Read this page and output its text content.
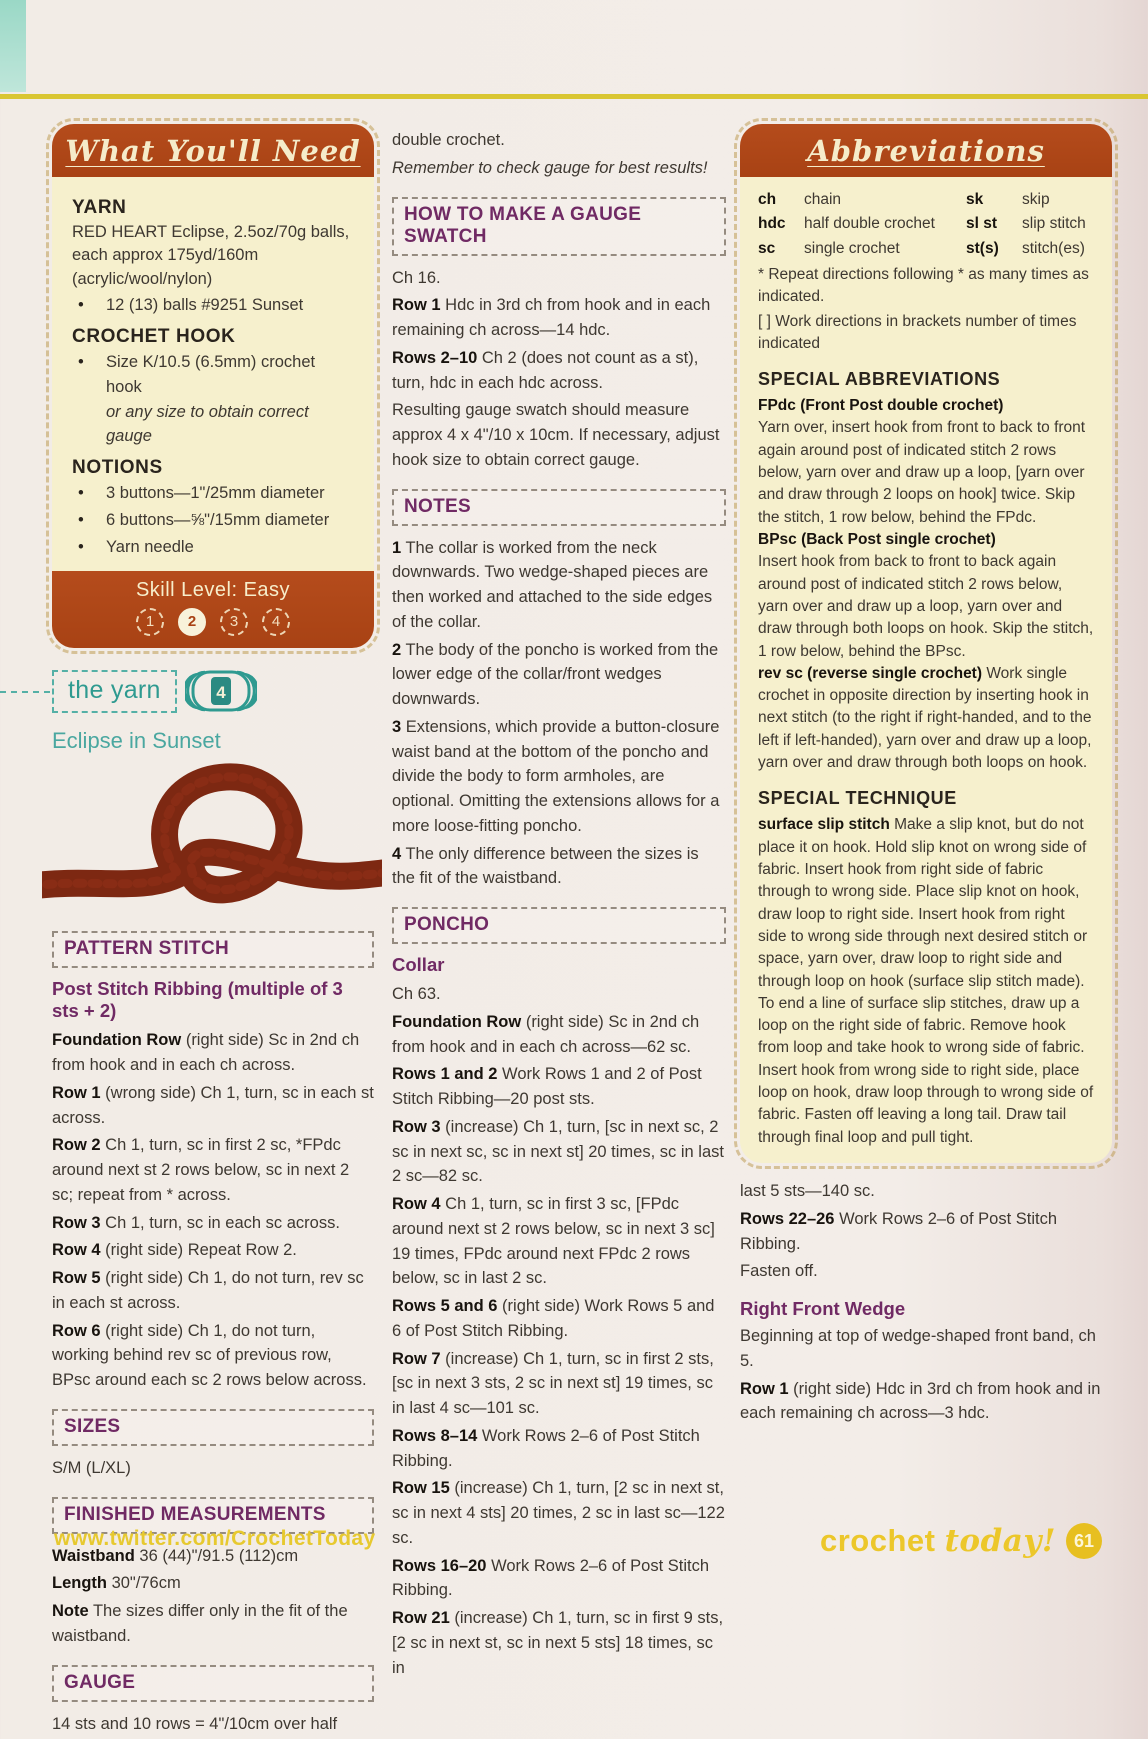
What You'll Need
YARN
RED HEART Eclipse, 2.5oz/70g balls, each approx 175yd/160m (acrylic/wool/nylon)
•	12 (13) balls #9251 Sunset
CROCHET HOOK
•	Size K/10.5 (6.5mm) crochet hook
or any size to obtain correct gauge
NOTIONS
•	3 buttons—1"/25mm diameter
•	6 buttons—⅝"/15mm diameter
•	Yarn needle
Skill Level: Easy
1	2	3	4
the yarn	4
Eclipse in Sunset
PATTERN STITCH
Post Stitch Ribbing (multiple of 3 sts + 2)

Foundation Row (right side) Sc in 2nd ch from hook and in each ch across.

Row 1 (wrong side) Ch 1, turn, sc in each st across.

Row 2 Ch 1, turn, sc in first 2 sc, *FPdc around next st 2 rows below, sc in next 2 sc; repeat from * across.

Row 3 Ch 1, turn, sc in each sc across.

Row 4 (right side) Repeat Row 2.

Row 5 (right side) Ch 1, do not turn, rev sc in each st across.

Row 6 (right side) Ch 1, do not turn, working behind rev sc of previous row, BPsc around each sc 2 rows below across.

SIZES

S/M (L/XL)

FINISHED MEASUREMENTS

Waistband 36 (44)"/91.5 (112)cm

Length 30"/76cm

Note The sizes differ only in the fit of the waistband.

GAUGE

14 sts and 10 rows = 4"/10cm over half

double crochet.

Remember to check gauge for best results!

HOW TO MAKE A GAUGE SWATCH

Ch 16.

Row 1 Hdc in 3rd ch from hook and in each remaining ch across—14 hdc.

Rows 2–10 Ch 2 (does not count as a st), turn, hdc in each hdc across.

Resulting gauge swatch should measure approx 4 x 4"/10 x 10cm. If necessary, adjust hook size to obtain correct gauge.

NOTES

1 The collar is worked from the neck downwards. Two wedge-shaped pieces are then worked and attached to the side edges of the collar.

2 The body of the poncho is worked from the lower edge of the collar/front wedges downwards.

3 Extensions, which provide a button-closure waist band at the bottom of the poncho and divide the body to form armholes, are optional. Omitting the extensions allows for a more loose-fitting poncho.

4 The only difference between the sizes is the fit of the waistband.

PONCHO
Collar

Ch 63.

Foundation Row (right side) Sc in 2nd ch from hook and in each ch across—62 sc.

Rows 1 and 2 Work Rows 1 and 2 of Post Stitch Ribbing—20 post sts.

Row 3 (increase) Ch 1, turn, [sc in next sc, 2 sc in next sc, sc in next st] 20 times, sc in last 2 sc—82 sc.

Row 4 Ch 1, turn, sc in first 3 sc, [FPdc around next st 2 rows below, sc in next 3 sc] 19 times, FPdc around next FPdc 2 rows below, sc in last 2 sc.

Rows 5 and 6 (right side) Work Rows 5 and 6 of Post Stitch Ribbing.

Row 7 (increase) Ch 1, turn, sc in first 2 sts, [sc in next 3 sts, 2 sc in next st] 19 times, sc in last 4 sc—101 sc.

Rows 8–14 Work Rows 2–6 of Post Stitch Ribbing.

Row 15 (increase) Ch 1, turn, [2 sc in next st, sc in next 4 sts] 20 times, 2 sc in last sc—122 sc.

Rows 16–20 Work Rows 2–6 of Post Stitch Ribbing.

Row 21 (increase) Ch 1, turn, sc in first 9 sts, [2 sc in next st, sc in next 5 sts] 18 times, sc in

Abbreviations
ch	chain	sk	skip
hdc	half double crochet	sl st	slip stitch
sc	single crochet	st(s)	stitch(es)

* Repeat directions following * as many times as indicated.

[ ] Work directions in brackets number of times indicated

SPECIAL ABBREVIATIONS

FPdc (Front Post double crochet)
Yarn over, insert hook from front to back to front again around post of indicated stitch 2 rows below, yarn over and draw up a loop, [yarn over and draw through 2 loops on hook] twice. Skip the stitch, 1 row below, behind the FPdc.

BPsc (Back Post single crochet)
Insert hook from back to front to back again around post of indicated stitch 2 rows below, yarn over and draw up a loop, yarn over and draw through both loops on hook. Skip the stitch, 1 row below, behind the BPsc.

rev sc (reverse single crochet) Work single crochet in opposite direction by inserting hook in next stitch (to the right if right-handed, and to the left if left-handed), yarn over and draw up a loop, yarn over and draw through both loops on hook.

SPECIAL TECHNIQUE

surface slip stitch Make a slip knot, but do not place it on hook. Hold slip knot on wrong side of fabric. Insert hook from right side of fabric through to wrong side. Place slip knot on hook, draw loop to right side. Insert hook from right side to wrong side through next desired stitch or space, yarn over, draw loop to right side and through loop on hook (surface slip stitch made). To end a line of surface slip stitches, draw up a loop on the right side of fabric. Remove hook from loop and take hook to wrong side of fabric. Insert hook from wrong side to right side, place loop on hook, draw loop through to wrong side of fabric. Fasten off leaving a long tail. Draw tail through final loop and pull tight.

last 5 sts—140 sc.

Rows 22–26 Work Rows 2–6 of Post Stitch Ribbing.

Fasten off.

Right Front Wedge

Beginning at top of wedge-shaped front band, ch 5.

Row 1 (right side) Hdc in 3rd ch from hook and in each remaining ch across—3 hdc.

www.twitter.com/CrochetToday	crochet today! 61
